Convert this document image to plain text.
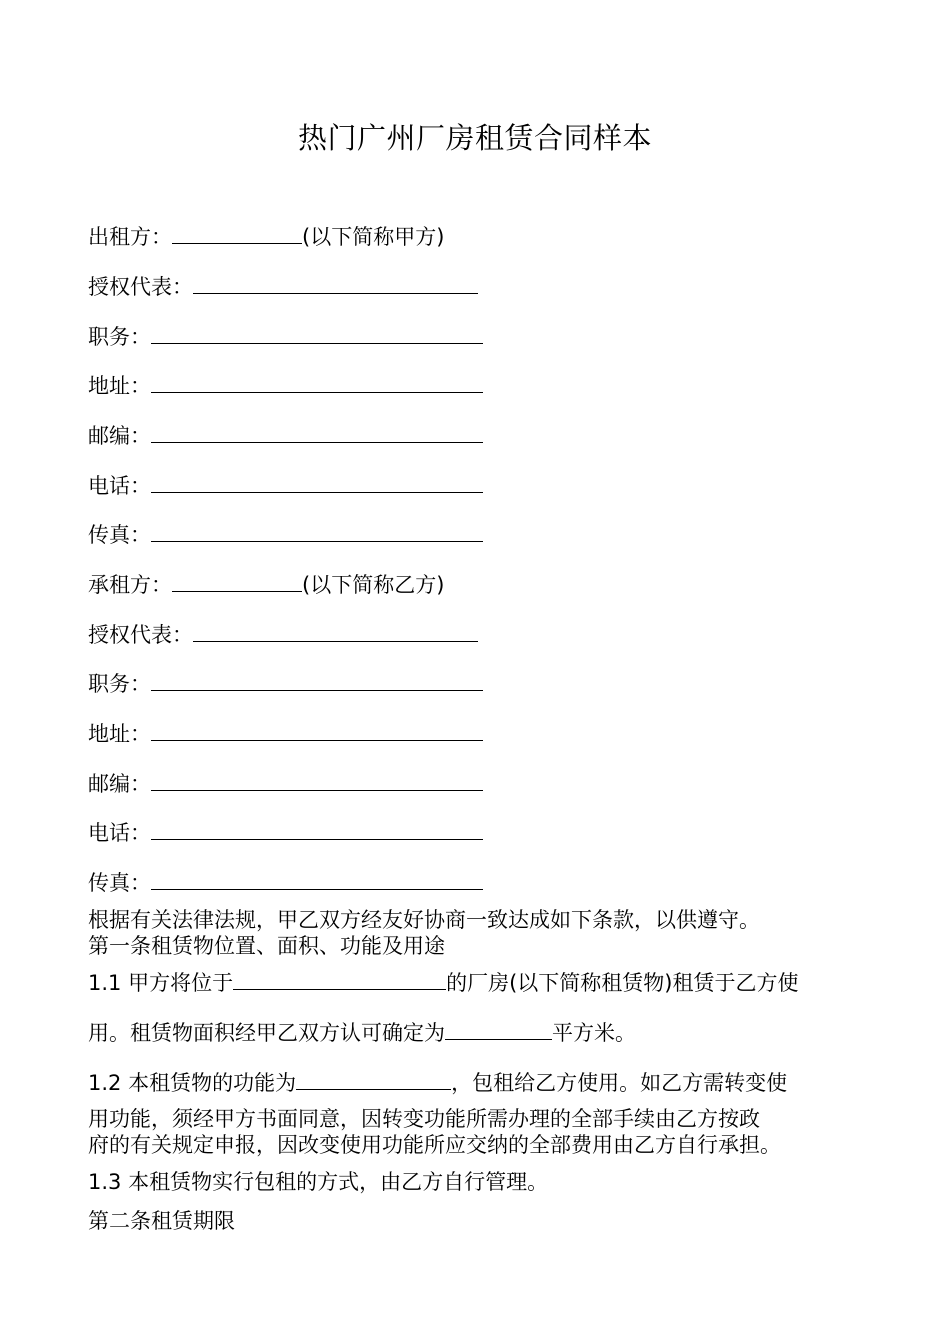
热门广州厂房租赁合同样本
出租方：	(以下简称甲方)
授权代表：
职务：
地址：
邮编：
电话：
传真：
承租方：	(以下简称乙方)
授权代表：
职务：
地址：
邮编：
电话：
传真：
根据有关法律法规，甲乙双方经友好协商一致达成如下条款，以供遵守。
第一条租赁物位置、面积、功能及用途
1.1 甲方将位于	的厂房(以下简称租赁物)租赁于乙方使
用。租赁物面积经甲乙双方认可确定为	平方米。
1.2 本租赁物的功能为	，包租给乙方使用。如乙方需转变使
用功能，须经甲方书面同意，因转变功能所需办理的全部手续由乙方按政
府的有关规定申报，因改变使用功能所应交纳的全部费用由乙方自行承担。
1.3 本租赁物实行包租的方式，由乙方自行管理。
第二条租赁期限
